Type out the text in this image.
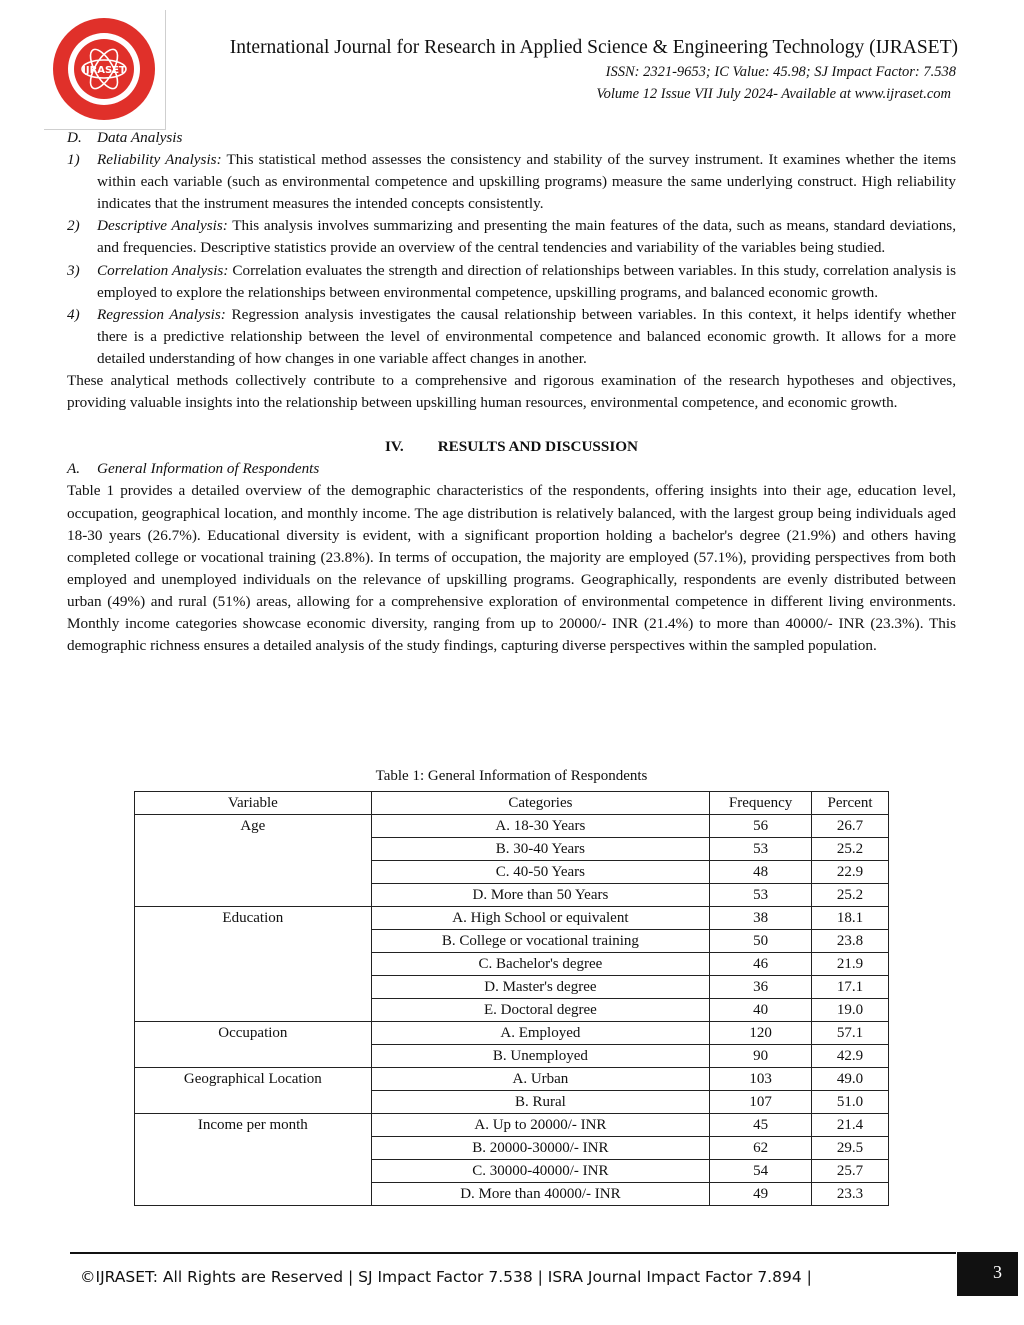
IJRASET
International Journal for Research in Applied Science & Engineering Technology (IJRASET)
ISSN: 2321-9653; IC Value: 45.98; SJ Impact Factor: 7.538
Volume 12 Issue VII July 2024- Available at www.ijraset.com
D.	Data Analysis
1)	Reliability Analysis: This statistical method assesses the consistency and stability of the survey instrument. It examines whether the items within each variable (such as environmental competence and upskilling programs) measure the same underlying construct. High reliability indicates that the instrument measures the intended concepts consistently.
2)	Descriptive Analysis: This analysis involves summarizing and presenting the main features of the data, such as means, standard deviations, and frequencies. Descriptive statistics provide an overview of the central tendencies and variability of the variables being studied.
3)	Correlation Analysis: Correlation evaluates the strength and direction of relationships between variables. In this study, correlation analysis is employed to explore the relationships between environmental competence, upskilling programs, and balanced economic growth.
4)	Regression Analysis: Regression analysis investigates the causal relationship between variables. In this context, it helps identify whether there is a predictive relationship between the level of environmental competence and balanced economic growth. It allows for a more detailed understanding of how changes in one variable affect changes in another.

These analytical methods collectively contribute to a comprehensive and rigorous examination of the research hypotheses and objectives, providing valuable insights into the relationship between upskilling human resources, environmental competence, and economic growth.

IV. RESULTS AND DISCUSSION
A.	General Information of Respondents

Table 1 provides a detailed overview of the demographic characteristics of the respondents, offering insights into their age, education level, occupation, geographical location, and monthly income. The age distribution is relatively balanced, with the largest group being individuals aged 18-30 years (26.7%). Educational diversity is evident, with a significant proportion holding a bachelor's degree (21.9%) and others having completed college or vocational training (23.8%). In terms of occupation, the majority are employed (57.1%), providing perspectives from both employed and unemployed individuals on the relevance of upskilling programs. Geographically, respondents are evenly distributed between urban (49%) and rural (51%) areas, allowing for a comprehensive exploration of environmental competence in different living environments. Monthly income categories showcase economic diversity, ranging from up to 20000/- INR (21.4%) to more than 40000/- INR (23.3%). This demographic richness ensures a detailed analysis of the study findings, capturing diverse perspectives within the sampled population.

Table 1: General Information of Respondents
Variable	Categories	Frequency	Percent
Age	A. 18-30 Years	56	26.7
	B. 30-40 Years	53	25.2
	C. 40-50 Years	48	22.9
	D. More than 50 Years	53	25.2
Education	A. High School or equivalent	38	18.1
	B. College or vocational training	50	23.8
	C. Bachelor's degree	46	21.9
	D. Master's degree	36	17.1
	E. Doctoral degree	40	19.0
Occupation	A. Employed	120	57.1
	B. Unemployed	90	42.9
Geographical Location	A. Urban	103	49.0
	B. Rural	107	51.0
Income per month	A. Up to 20000/- INR	45	21.4
	B. 20000-30000/- INR	62	29.5
	C. 30000-40000/- INR	54	25.7
	D. More than 40000/- INR	49	23.3
©IJRASET: All Rights are Reserved | SJ Impact Factor 7.538 | ISRA Journal Impact Factor 7.894 |	3
